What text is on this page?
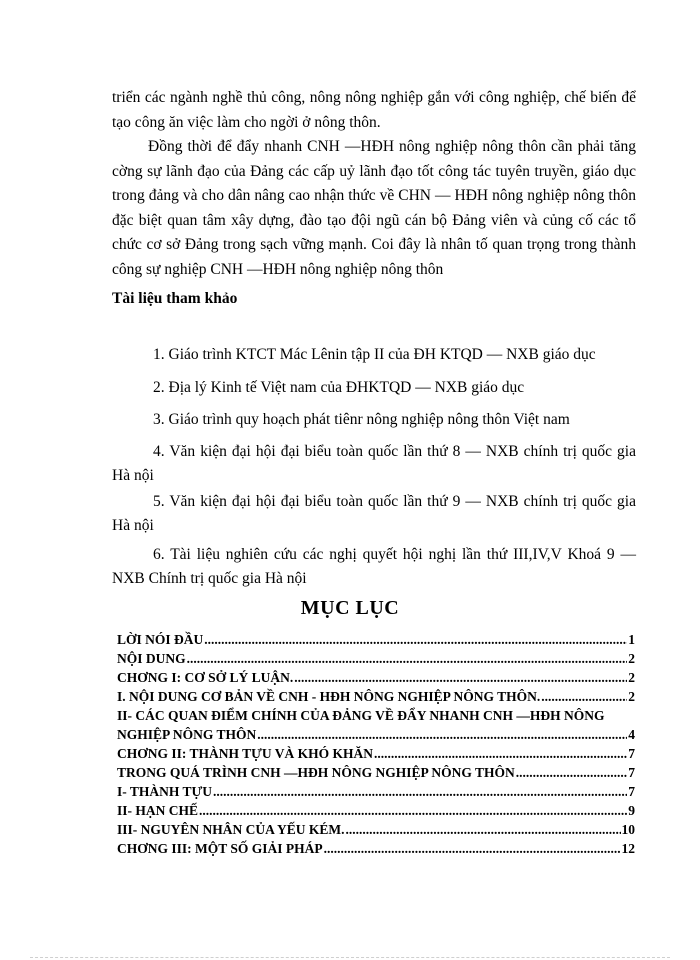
triển các ngành nghề thủ công, nông nông nghiệp gắn với công nghiệp, chế biến để tạo công ăn việc làm cho ngời ở nông thôn.

Đồng thời để đẩy nhanh CNH —HĐH nông nghiệp nông thôn cần phải tăng cờng sự lãnh đạo của Đảng các cấp uỷ lãnh đạo tốt công tác tuyên truyền, giáo dục trong đảng và cho dân nâng cao nhận thức về CHN — HĐH nông nghiệp nông thôn đặc biệt quan tâm xây dựng, đào tạo đội ngũ cán bộ Đảng viên và củng cố các tổ chức cơ sở Đảng trong sạch vững mạnh. Coi đây là nhân tố quan trọng trong thành công sự nghiệp CNH —HĐH nông nghiệp nông thôn

Tài liệu tham khảo

1. Giáo trình KTCT Mác Lênin tập II của ĐH KTQD — NXB giáo dục

2. Địa lý Kinh tế Việt nam của ĐHKTQD — NXB giáo dục

3. Giáo trình quy hoạch phát tiênr nông nghiệp nông thôn Việt nam

4. Văn kiện đại hội đại biểu toàn quốc lần thứ 8 — NXB chính trị quốc gia Hà nội

5. Văn kiện đại hội đại biểu toàn quốc lần thứ 9 — NXB chính trị quốc gia Hà nội

6. Tài liệu nghiên cứu các nghị quyết hội nghị lần thứ III,IV,V Khoá 9 — NXB Chính trị quốc gia Hà nội

MỤC LỤC
LỜI NÓI ĐẦU .....	1
NỘI DUNG .....	2
CHƠNG I: CƠ SỞ LÝ LUẬN. .....	2
I. NỘI DUNG CƠ BẢN VỀ CNH - HĐH NÔNG NGHIỆP NÔNG THÔN. .....	2
II- CÁC QUAN ĐIỂM CHÍNH CỦA ĐẢNG VỀ ĐẨY NHANH CNH —HĐH NÔNG
NGHIỆP NÔNG THÔN .....	4
CHƠNG II: THÀNH TỰU VÀ KHÓ KHĂN .....	7
TRONG QUÁ TRÌNH CNH —HĐH NÔNG NGHIỆP NÔNG THÔN .....	7
I- THÀNH TỰU .....	7
II- HẠN CHẾ .....	9
III- NGUYÊN NHÂN CỦA YẾU KÉM. .....	10
CHƠNG III: MỘT SỐ GIẢI PHÁP .....	12
